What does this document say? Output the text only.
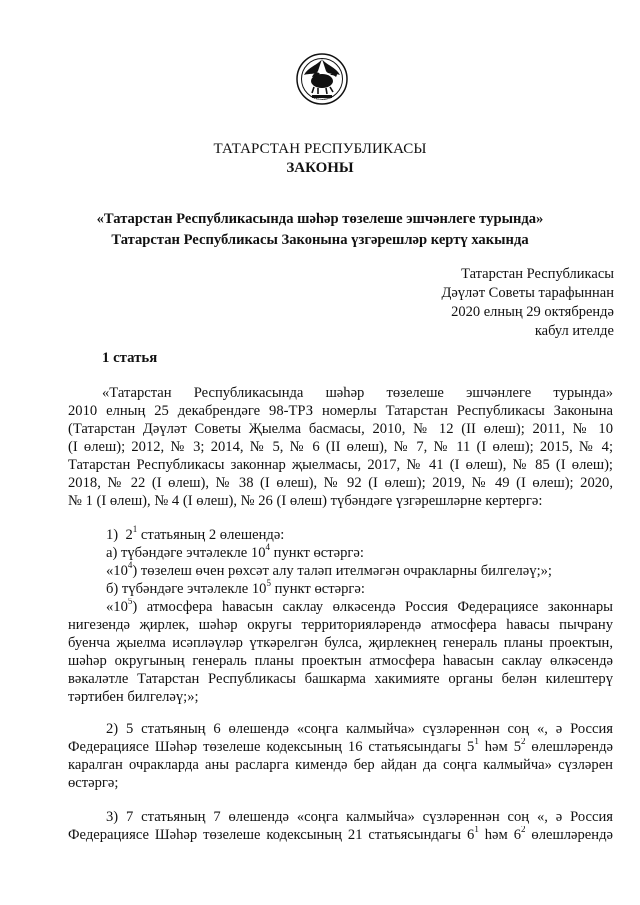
ТАТАРСТАН
ТАТАРСТАН РЕСПУБЛИКАСЫ
ЗАКОНЫ
«Татарстан Республикасында шәһәр төзелеше эшчәнлеге турында»
Татарстан Республикасы Законына үзгәрешләр кертү хакында
Татарстан Республикасы
Дәүләт Советы тарафыннан
2020 елның 29 октябрендә
кабул ителде
1 статья
«Татарстан Республикасында шәһәр төзелеше эшчәнлеге турында»
2010 елның 25 декабрендәге 98-ТРЗ номерлы Татарстан Республикасы Законына
(Татарстан Дәүләт Советы Җыелма басмасы, 2010, № 12 (II өлеш); 2011, № 10
(I өлеш); 2012, № 3; 2014, № 5, № 6 (II өлеш), № 7, № 11 (I өлеш); 2015, № 4;
Татарстан Республикасы законнар җыелмасы, 2017, № 41 (I өлеш), № 85 (I өлеш);
2018, № 22 (I өлеш), № 38 (I өлеш), № 92 (I өлеш); 2019, № 49 (I өлеш); 2020,
№ 1 (I өлеш), № 4 (I өлеш), № 26 (I өлеш) түбәндәге үзгәрешләрне кертергә:
1) $2^1$ статьяның 2 өлешендә:
а) түбәндәге эчтәлекле $10^4$ пункт өстәргә:
«$10^4$) төзелеш өчен рөхсәт алу таләп ителмәгән очракларны билгеләү;»;
б) түбәндәге эчтәлекле $10^5$ пункт өстәргә:
«$10^5$) атмосфера һавасын саклау өлкәсендә Россия Федерациясе законнары
нигезендә җирлек, шәһәр округы территорияләрендә атмосфера һавасы пычрану
буенча җыелма исәпләүләр үткәрелгән булса, җирлекнең генераль планы проектын,
шәһәр округының генераль планы проектын атмосфера һавасын саклау өлкәсендә
вәкаләтле Татарстан Республикасы башкарма хакимияте органы белән килештерү
тәртибен билгеләү;»;
2) 5 статьяның 6 өлешендә «соңга калмыйча» сүзләреннән соң «, ә Россия
Федерациясе Шәһәр төзелеше кодексының 16 статьясындагы $5^1$ һәм $5^2$ өлешләрендә
каралган очракларда аны расларга кимендә бер айдан да соңга калмыйча» сүзләрен
өстәргә;
3) 7 статьяның 7 өлешендә «соңга калмыйча» сүзләреннән соң «, ә Россия
Федерациясе Шәһәр төзелеше кодексының 21 статьясындагы $6^1$ һәм $6^2$ өлешләрендә
